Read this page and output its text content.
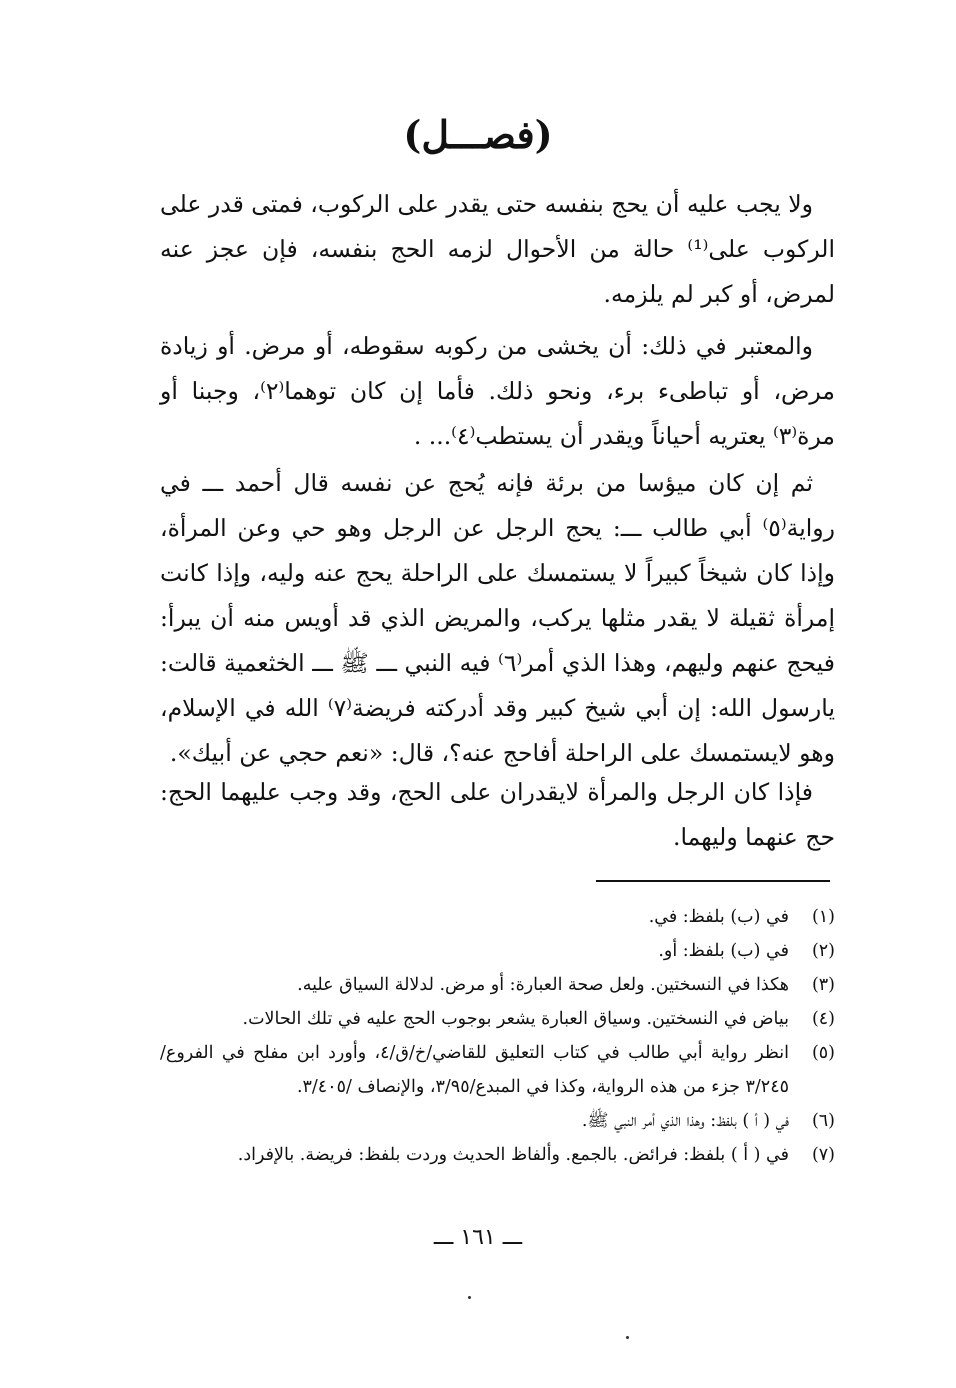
(فصـــل)

ولا يجب عليه أن يحج بنفسه حتى يقدر على الركوب، فمتى قدر على الركوب على⁽¹⁾ حالة من الأحوال لزمه الحج بنفسه، فإن عجز عنه لمرض، أو كبر لم يلزمه.

والمعتبر في ذلك: أن يخشى من ركوبه سقوطه، أو مرض. أو زيادة مرض، أو تباطىء برء، ونحو ذلك. فأما إن كان توهما⁽٢⁾، وجبنا أو مرة⁽٣⁾ يعتريه أحياناً ويقدر أن يستطب⁽٤⁾... .

ثم إن كان ميؤسا من برئة فإنه يُحج عن نفسه قال أحمد ـــ في رواية⁽٥⁾ أبي طالب ـــ: يحج الرجل عن الرجل وهو حي وعن المرأة، وإذا كان شيخاً كبيراً لا يستمسك على الراحلة يحج عنه وليه، وإذا كانت إمرأة ثقيلة لا يقدر مثلها يركب، والمريض الذي قد أويس منه أن يبرأ: فيحج عنهم وليهم، وهذا الذي أمر⁽٦⁾ فيه النبي ـــ ﷺ ـــ الخثعمية قالت: يارسول الله: إن أبي شيخ كبير وقد أدركته فريضة⁽٧⁾ الله في الإسلام، وهو لايستمسك على الراحلة أفاحج عنه؟، قال: «نعم حجي عن أبيك».

فإذا كان الرجل والمرأة لايقدران على الحج، وقد وجب عليهما الحج: حج عنهما وليهما.

(١)
في (ب) بلفظ: في.
(٢)
في (ب) بلفظ: أو.
(٣)
هكذا في النسختين. ولعل صحة العبارة: أو مرض. لدلالة السياق عليه.
(٤)
بياض في النسختين. وسياق العبارة يشعر بوجوب الحج عليه في تلك الحالات.
(٥)
انظر رواية أبي طالب في كتاب التعليق للقاضي/خ/ق/٤، وأورد ابن مفلح في الفروع/٣/٢٤٥ جزء من هذه الرواية، وكذا في المبدع/٣/٩٥، والإنصاف /٣/٤٠٥.
(٦)
في ( أ ) بلفظ: وهذا الذي أمر النبي ﷺ.
(٧)
في ( أ ) بلفظ: فرائض. بالجمع. وألفاظ الحديث وردت بلفظ: فريضة. بالإفراد.
ـــ ١٦١ ـــ
